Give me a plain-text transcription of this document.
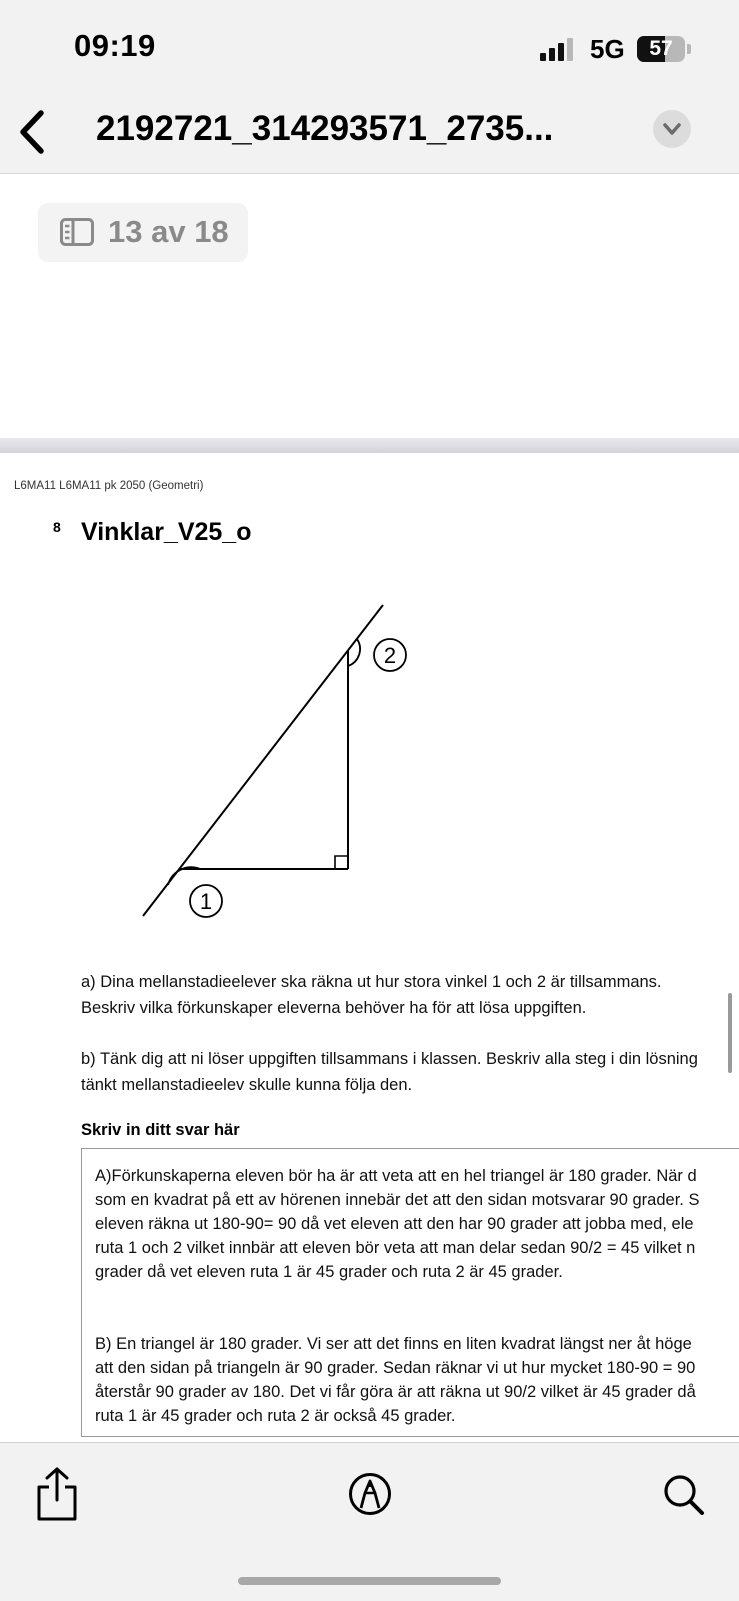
09:19	5G	57
2192721_314293571_2735...
13 av 18
L6MA11 L6MA11 pk 2050 (Geometri)
8 Vinklar_V25_o
2
1
a) Dina mellanstadieelever ska räkna ut hur stora vinkel 1 och 2 är tillsammans.
Beskriv vilka förkunskaper eleverna behöver ha för att lösa uppgiften.
b) Tänk dig att ni löser uppgiften tillsammans i klassen. Beskriv alla steg i din lösning
tänkt mellanstadieelev skulle kunna följa den.
Skriv in ditt svar här
A)Förkunskaperna eleven bör ha är att veta att en hel triangel är 180 grader. När d
som en kvadrat på ett av hörenen innebär det att den sidan motsvarar 90 grader. S
eleven räkna ut 180-90= 90 då vet eleven att den har 90 grader att jobba med, ele
ruta 1 och 2 vilket innbär att eleven bör veta att man delar sedan 90/2 = 45 vilket n
grader då vet eleven ruta 1 är 45 grader och ruta 2 är 45 grader.
B) En triangel är 180 grader. Vi ser att det finns en liten kvadrat längst ner åt höge
att den sidan på triangeln är 90 grader. Sedan räknar vi ut hur mycket 180-90 = 90
återstår 90 grader av 180. Det vi får göra är att räkna ut 90/2 vilket är 45 grader då
ruta 1 är 45 grader och ruta 2 är också 45 grader.
